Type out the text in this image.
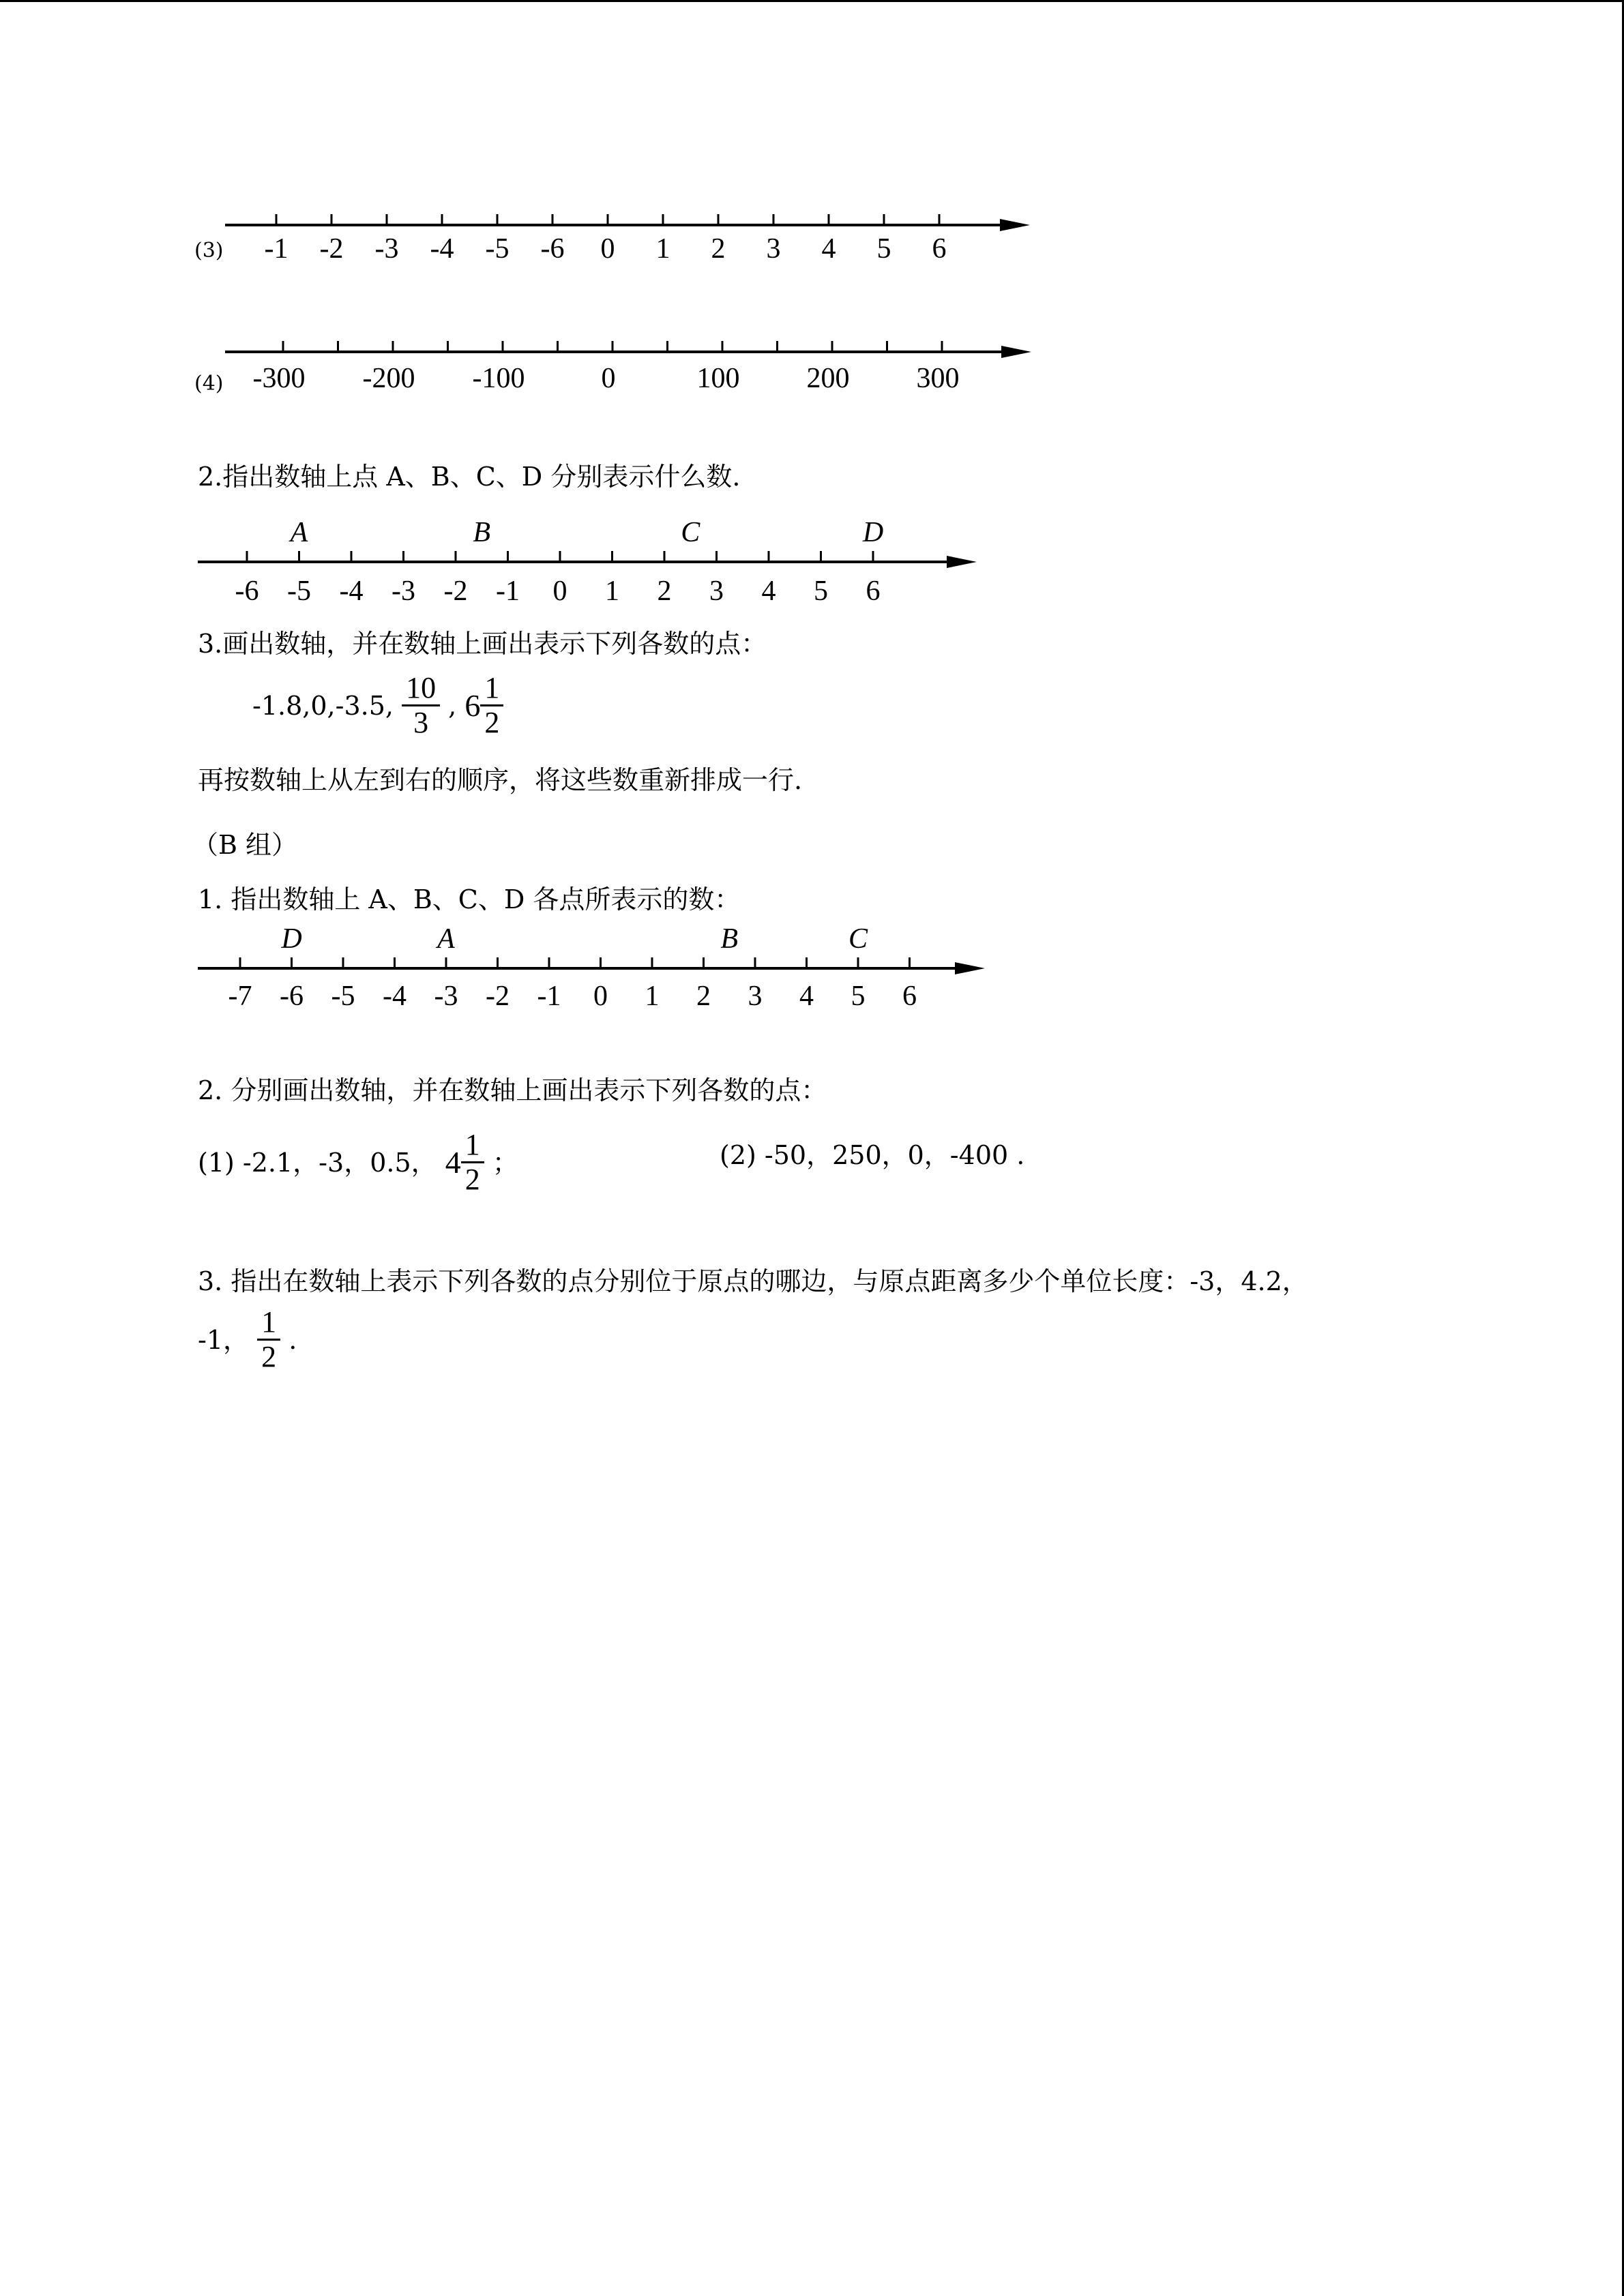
(3) -1 -2 -3 -4 -5 -6 0 1 2 3 4 5 6
-300 -200 -100	0	100 200 300
-6 -5 -4 -3 -2 -1 0 1 2 3 4 5 6
A	B	C	D
-7 -6 -5 -4 -3 -2 -1 0 1 2 3 4 5 6
D	A	B	C
(4)
2.指出数轴上点 A、B、C、D 分别表示什么数.
3.画出数轴，并在数轴上画出表示下列各数的点：
-1.8,0,-3.5, $\frac{10}{3}$ , $6 \frac{1}{2}$
再按数轴上从左到右的顺序，将这些数重新排成一行.
（B 组）
1. 指出数轴上 A、B、C、D 各点所表示的数：
2. 分别画出数轴，并在数轴上画出表示下列各数的点：
(1) -2.1，-3，0.5， $4 \frac{1}{2}$ ；	(2) -50，250，0，-400 .
3. 指出在数轴上表示下列各数的点分别位于原点的哪边，与原点距离多少个单位长度：-3，4.2，
-1， $\frac{1}{2}$ .
